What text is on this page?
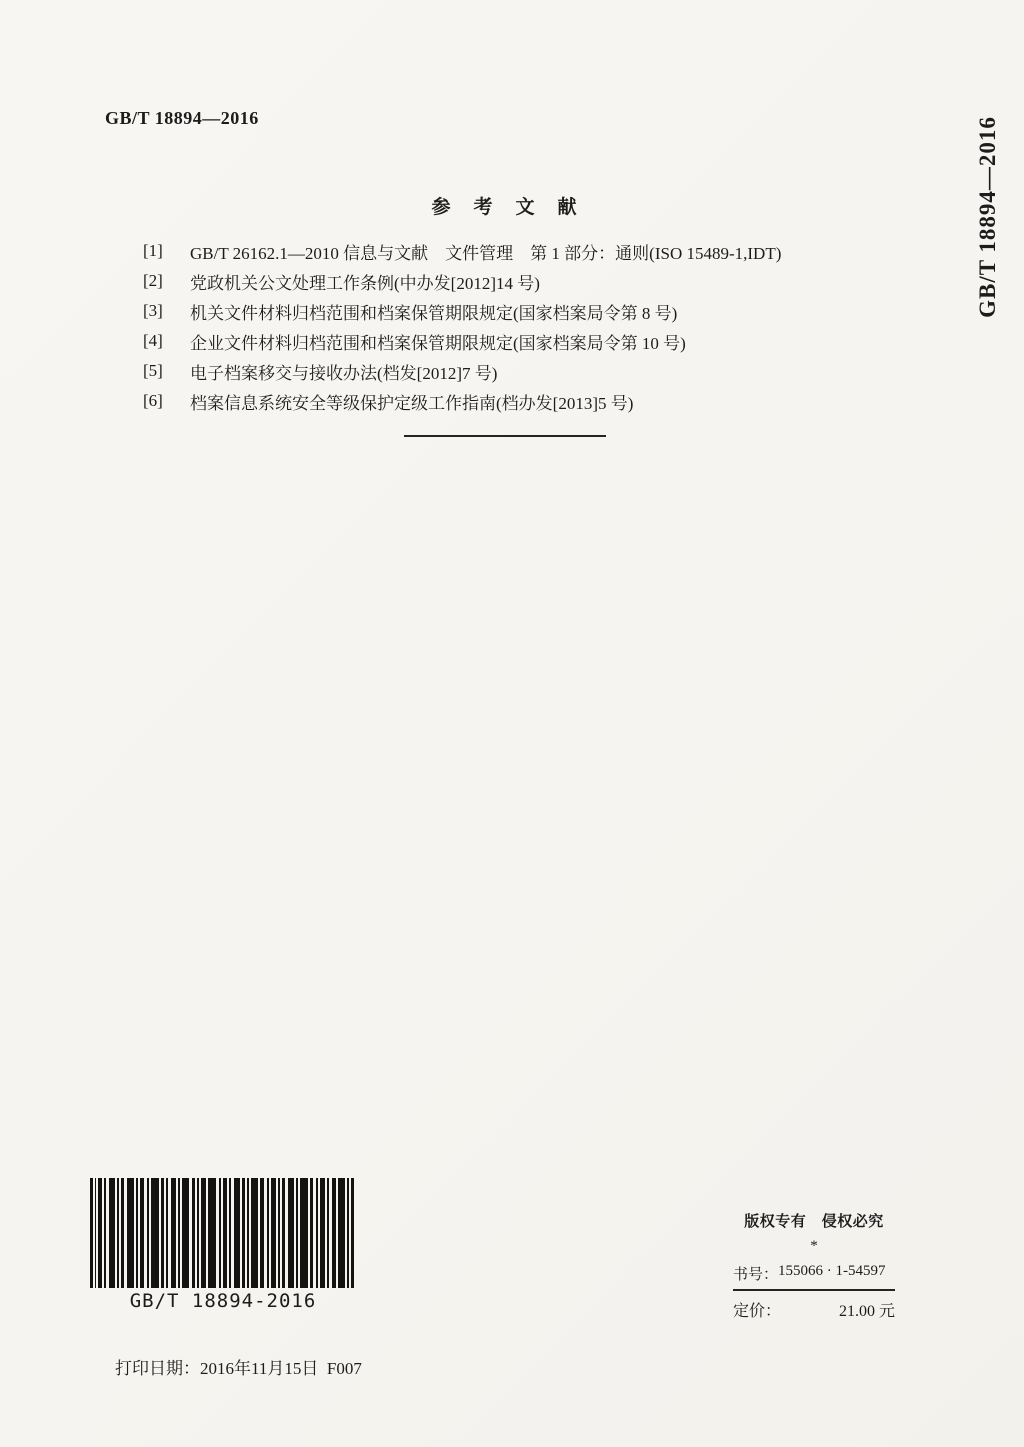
GB/T 18894—2016	GB/T 18894—2016
参　考　文　献
[1]	GB/T 26162.1—2010 信息与文献　文件管理　第 1 部分：通则(ISO 15489-1,IDT)
[2]	党政机关公文处理工作条例(中办发[2012]14 号)
[3]	机关文件材料归档范围和档案保管期限规定(国家档案局令第 8 号)
[4]	企业文件材料归档范围和档案保管期限规定(国家档案局令第 10 号)
[5]	电子档案移交与接收办法(档发[2012]7 号)
[6]	档案信息系统安全等级保护定级工作指南(档办发[2013]5 号)
GB/T 18894-2016
版权专有　侵权必究
*
书号： 155066 · 1-54597
定价：	21.00 元
打印日期：2016年11月15日  F007
